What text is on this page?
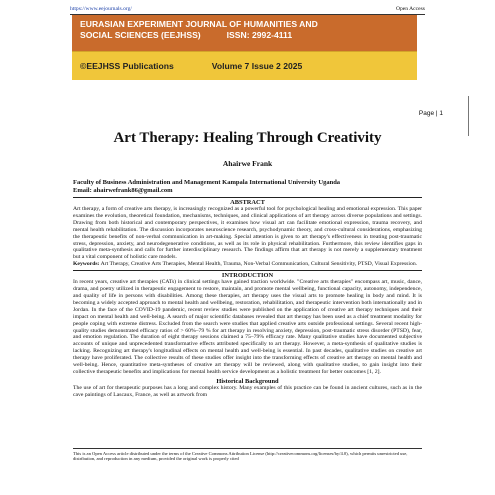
https://www.eejournals.org/	Open Access
EURASIAN EXPERIMENT JOURNAL OF HUMANITIES AND
SOCIAL SCIENCES (EEJHSS)	ISSN: 2992-4111
©EEJHSS Publications	Volume 7 Issue 2 2025
Page | 1
Art Therapy: Healing Through Creativity
Ahairwe Frank
Faculty of Business Administration and Management Kampala International University Uganda
Email: ahairwefrank86@gmail.com
ABSTRACT

Art therapy, a form of creative arts therapy, is increasingly recognized as a powerful tool for psychological healing and emotional expression. This paper examines the evolution, theoretical foundation, mechanisms, techniques, and clinical applications of art therapy across diverse populations and settings. Drawing from both historical and contemporary perspectives, it examines how visual art can facilitate emotional expression, trauma recovery, and mental health rehabilitation. The discussion incorporates neuroscience research, psychodynamic theory, and cross-cultural considerations, emphasizing the therapeutic benefits of non-verbal communication in art-making. Special attention is given to art therapy's effectiveness in treating post-traumatic stress, depression, anxiety, and neurodegenerative conditions, as well as its role in physical rehabilitation. Furthermore, this review identifies gaps in qualitative meta-synthesis and calls for further interdisciplinary research. The findings affirm that art therapy is not merely a supplementary treatment but a vital component of holistic care models.

Keywords: Art Therapy, Creative Arts Therapies, Mental Health, Trauma, Non-Verbal Communication, Cultural Sensitivity, PTSD, Visual Expression.

INTRODUCTION

In recent years, creative art therapies (CATs) in clinical settings have gained traction worldwide. "Creative arts therapies" encompass art, music, dance, drama, and poetry utilized in therapeutic engagement to restore, maintain, and promote mental wellbeing, functional capacity, autonomy, independence, and quality of life in persons with disabilities. Among these therapies, art therapy uses the visual arts to promote healing in body and mind. It is becoming a widely accepted approach to mental health and wellbeing, restoration, rehabilitation, and therapeutic intervention both internationally and in Jordan. In the face of the COVID-19 pandemic, recent review studies were published on the application of creative art therapy techniques and their impact on mental health and well-being. A search of major scientific databases revealed that art therapy has been used as a chief treatment modality for people coping with extreme distress. Excluded from the search were studies that applied creative arts outside professional settings. Several recent high-quality studies demonstrated efficacy ratios of > 60%–79 % for art therapy in resolving anxiety, depression, post-traumatic stress disorder (PTSD), fear, and emotion regulation. The duration of eight therapy sessions claimed a 75–79% efficacy rate. Many qualitative studies have documented subjective accounts of unique and unprecedented transformative effects attributed specifically to art therapy. However, a meta-synthesis of qualitative studies is lacking. Recognizing art therapy's longitudinal effects on mental health and well-being is essential. In past decades, qualitative studies on creative art therapy have proliferated. The collective results of these studies offer insight into the transforming effects of creative art therapy on mental health and well-being. Hence, quantitative meta-syntheses of creative art therapy will be reviewed, along with qualitative studies, to gain insight into their collective therapeutic benefits and implications for mental health service development as a holistic treatment for better outcomes [1, 2].

Historical Background

The use of art for therapeutic purposes has a long and complex history. Many examples of this practice can be found in ancient cultures, such as in the cave paintings of Lascaux, France, as well as artwork from

This is an Open Access article distributed under the terms of the Creative Commons Attribution License (http://creativecommons.org/licenses/by/4.0), which permits unrestricted use, distribution, and reproduction in any medium, provided the original work is properly cited
